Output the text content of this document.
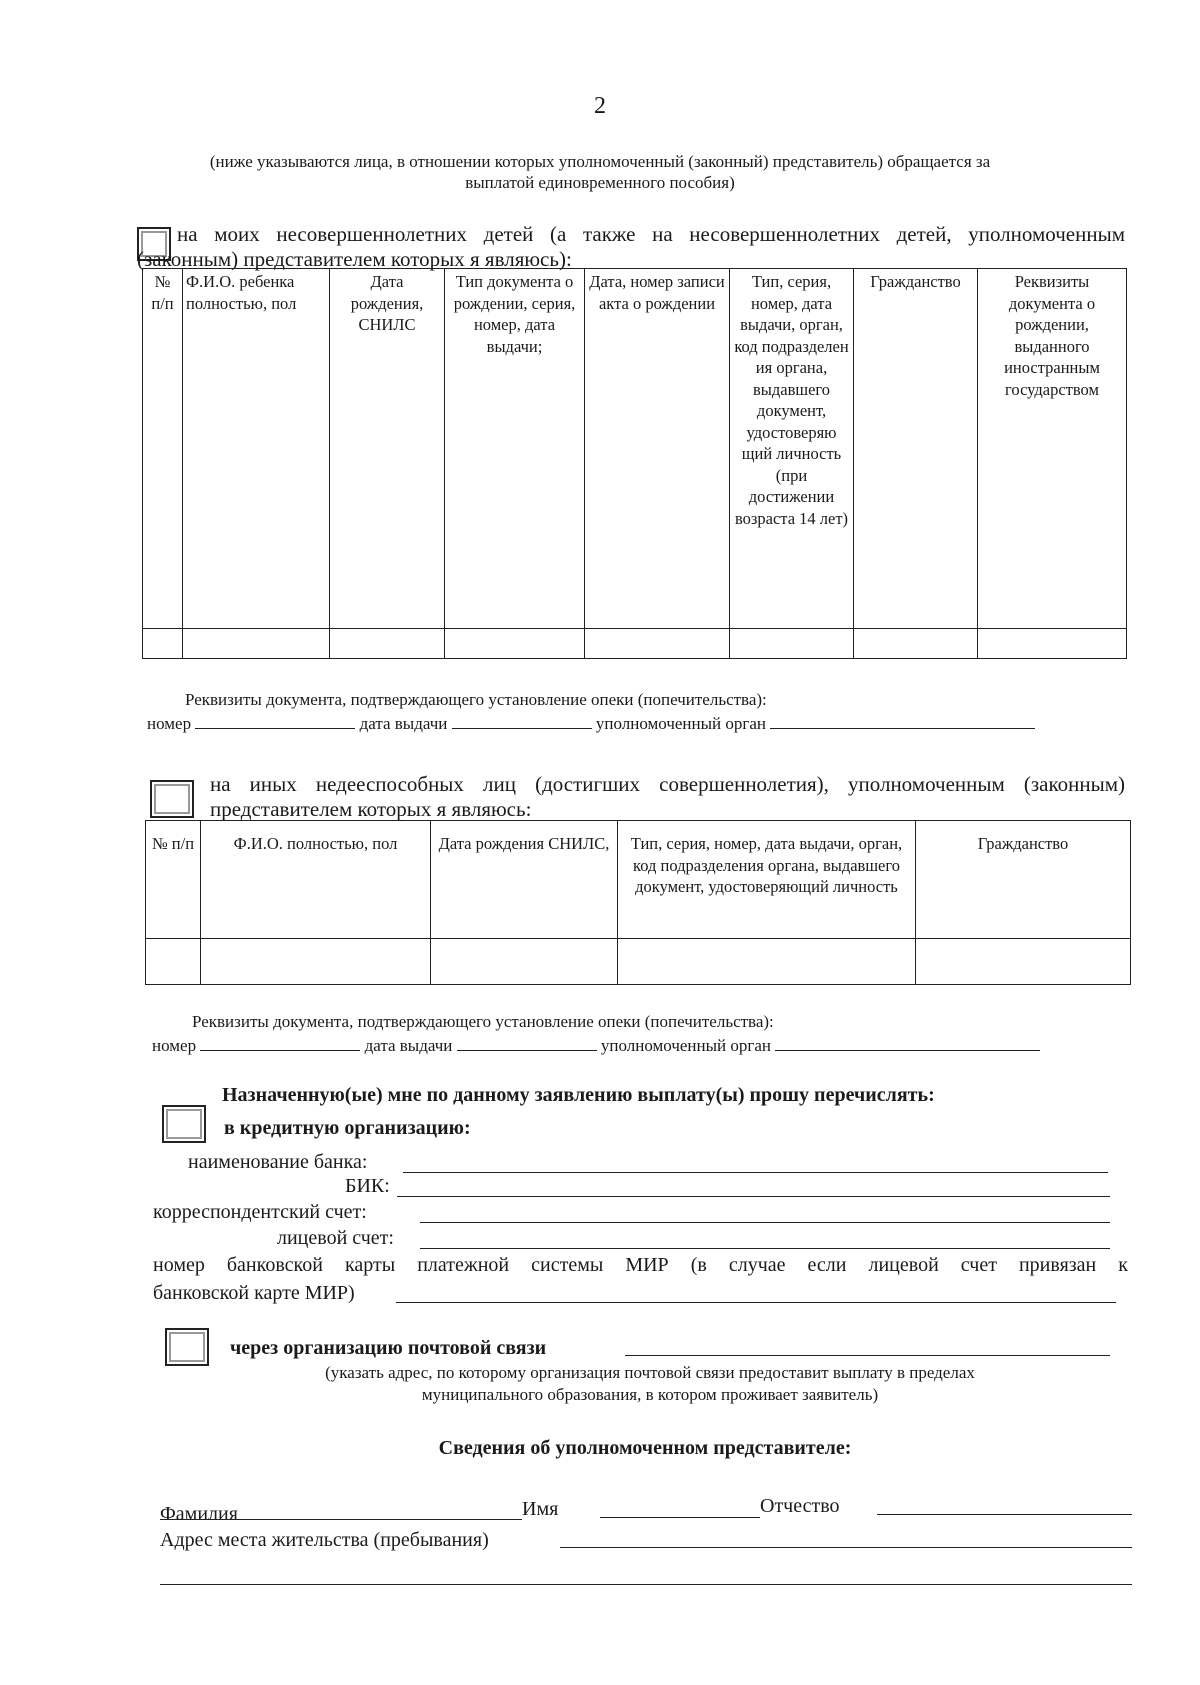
2
(ниже указываются лица, в отношении которых уполномоченный (законный) представитель) обращается за
выплатой единовременного пособия)
на моих несовершеннолетних детей (а также на несовершеннолетних детей, уполномоченным (законным) представителем которых я являюсь):
№ п/п	Ф.И.О. ребенка полностью, пол	Дата рождения, СНИЛС	Тип документа о рождении, серия, номер, дата выдачи;	Дата, номер записи акта о рождении	Тип, серия, номер, дата выдачи, орган, код подразделен ия органа, выдавшего документ, удостоверяю щий личность (при достижении возраста 14 лет)	Гражданство	Реквизиты документа о рождении, выданного иностранным государством

Реквизиты документа, подтверждающего установление опеки (попечительства):
номер	дата выдачи	уполномоченный орган
на иных недееспособных лиц (достигших совершеннолетия), уполномоченным (законным) представителем которых я являюсь:
№ п/п	Ф.И.О. полностью, пол	Дата рождения СНИЛС,	Тип, серия, номер, дата выдачи, орган, код подразделения органа, выдавшего документ, удостоверяющий личность	Гражданство

Реквизиты документа, подтверждающего установление опеки (попечительства):
номер	дата выдачи	уполномоченный орган
Назначенную(ые) мне по данному заявлению выплату(ы) прошу перечислять:
в кредитную организацию:
наименование банка:
БИК:
корреспондентский счет:
лицевой счет:
номер банковской карты платежной системы МИР (в случае если лицевой счет привязан к
банковской карте МИР)
через организацию почтовой связи
(указать адрес, по которому организация почтовой связи предоставит выплату в пределах
муниципального образования, в котором проживает заявитель)
Сведения об уполномоченном представителе:
Фамилия	Имя	Отчество
Адрес места жительства (пребывания)
